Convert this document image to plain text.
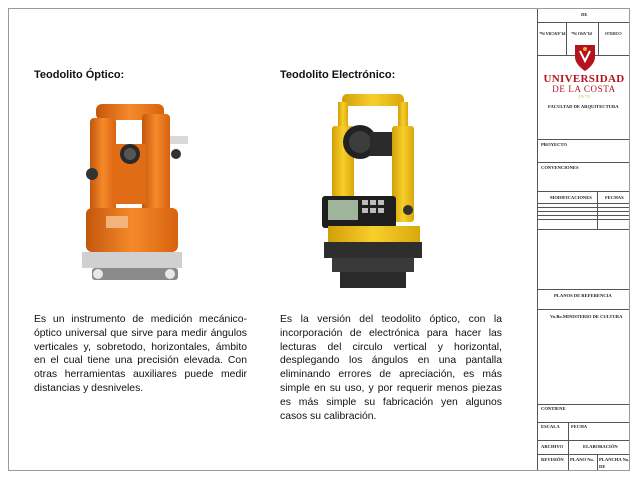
Teodolito Óptico:
Es un instrumento de medición mecánico-óptico universal que sirve para medir ángulos verticales y, sobretodo, horizontales, ámbito en el cual tiene una precisión elevada. Con otras herramientas auxiliares puede medir distancias y desniveles.
Teodolito Electrónico:
Es la versión del teodolito óptico, con la incorporación de electrónica para hacer las lecturas del circulo vertical y horizontal, desplegando los ángulos en una pantalla eliminando errores de apreciación, es más simple en su uso, y por requerir menos piezas es más simple su fabricación yen algunos casos su calibración.
DE
PLANCHA No. PLANO No.	CODIGO
UNIVERSIDAD
DE LA COSTA
1 9 7 0
FACULTAD DE ARQUITECTURA
PROYECTO
CONVENCIONES
MODIFICACIONES	FECHAS
PLANOS DE REFERENCIA
Vo.Bo.MINISTERIO DE CULTURA
CONTIENE
ESCALA FECHA
ARCHIVO	ELABORACIÓN
REVISIÓN PLANO No. PLANCHA No.
DE
